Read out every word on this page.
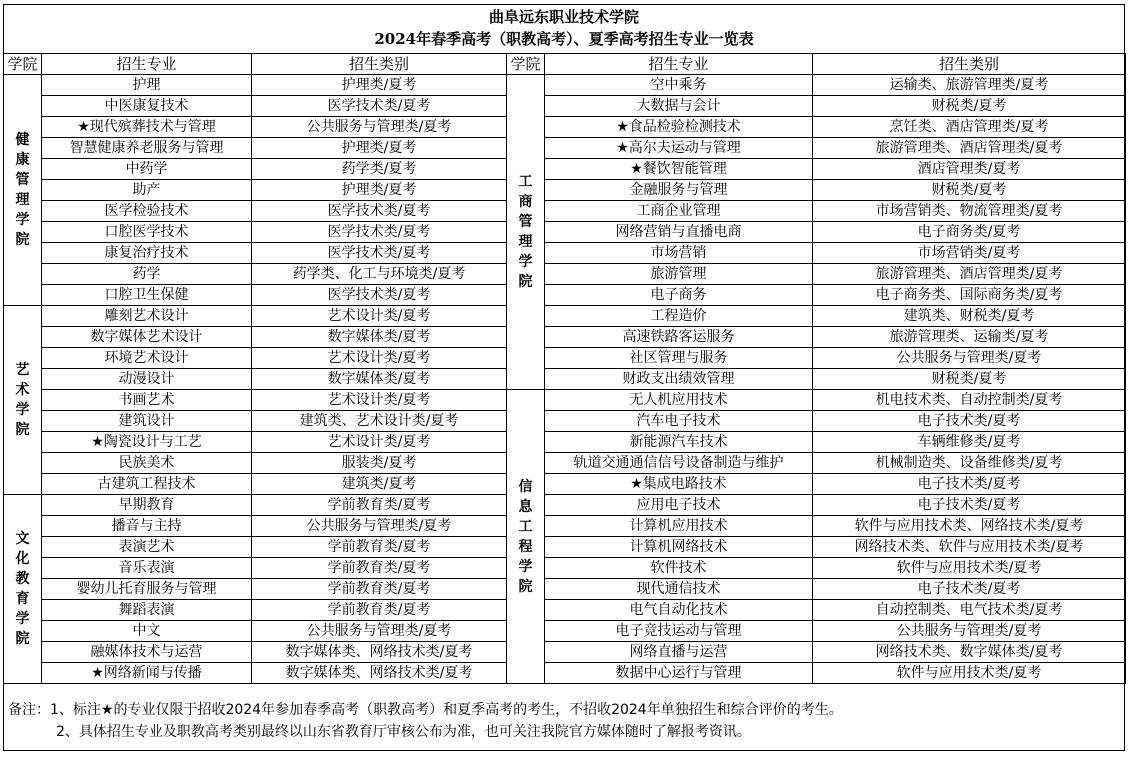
曲阜远东职业技术学院
2024年春季高考（职教高考）、夏季高考招生专业一览表
学院	招生专业	招生类别
健康管理学院	护理	护理类/夏考
	中医康复技术	医学技术类/夏考
	★现代殡葬技术与管理	公共服务与管理类/夏考
	智慧健康养老服务与管理	护理类/夏考
	中药学	药学类/夏考
	助产	护理类/夏考
	医学检验技术	医学技术类/夏考
	口腔医学技术	医学技术类/夏考
	康复治疗技术	医学技术类/夏考
	药学	药学类、化工与环境类/夏考
	口腔卫生保健	医学技术类/夏考
艺术学院	雕刻艺术设计	艺术设计类/夏考
	数字媒体艺术设计	数字媒体类/夏考
	环境艺术设计	艺术设计类/夏考
	动漫设计	数字媒体类/夏考
	书画艺术	艺术设计类/夏考
	建筑设计	建筑类、艺术设计类/夏考
	★陶瓷设计与工艺	艺术设计类/夏考
	民族美术	服装类/夏考
	古建筑工程技术	建筑类/夏考
文化教育学院	早期教育	学前教育类/夏考
	播音与主持	公共服务与管理类/夏考
	表演艺术	学前教育类/夏考
	音乐表演	学前教育类/夏考
	婴幼儿托育服务与管理	学前教育类/夏考
	舞蹈表演	学前教育类/夏考
	中文	公共服务与管理类/夏考
	融媒体技术与运营	数字媒体类、网络技术类/夏考
	★网络新闻与传播	数字媒体类、网络技术类/夏考
学院	招生专业	招生类别
工商管理学院	空中乘务	运输类、旅游管理类/夏考
	大数据与会计	财税类/夏考
	★食品检验检测技术	烹饪类、酒店管理类/夏考
	★高尔夫运动与管理	旅游管理类、酒店管理类/夏考
	★餐饮智能管理	酒店管理类/夏考
	金融服务与管理	财税类/夏考
	工商企业管理	市场营销类、物流管理类/夏考
	网络营销与直播电商	电子商务类/夏考
	市场营销	市场营销类/夏考
	旅游管理	旅游管理类、酒店管理类/夏考
	电子商务	电子商务类、国际商务类/夏考
	工程造价	建筑类、财税类/夏考
	高速铁路客运服务	旅游管理类、运输类/夏考
	社区管理与服务	公共服务与管理类/夏考
	财政支出绩效管理	财税类/夏考
信息工程学院	无人机应用技术	机电技术类、自动控制类/夏考
	汽车电子技术	电子技术类/夏考
	新能源汽车技术	车辆维修类/夏考
	轨道交通通信信号设备制造与维护	机械制造类、设备维修类/夏考
	★集成电路技术	电子技术类/夏考
	应用电子技术	电子技术类/夏考
	计算机应用技术	软件与应用技术类、网络技术类/夏考
	计算机网络技术	网络技术类、软件与应用技术类/夏考
	软件技术	软件与应用技术类/夏考
	现代通信技术	电子技术类/夏考
	电气自动化技术	自动控制类、电气技术类/夏考
	电子竞技运动与管理	公共服务与管理类/夏考
	网络直播与运营	网络技术类、数字媒体类/夏考
	数据中心运行与管理	软件与应用技术类/夏考
备注：1、标注★的专业仅限于招收2024年参加春季高考（职教高考）和夏季高考的考生，不招收2024年单独招生和综合评价的考生。
2、具体招生专业及职教高考类别最终以山东省教育厅审核公布为准，也可关注我院官方媒体随时了解报考资讯。
